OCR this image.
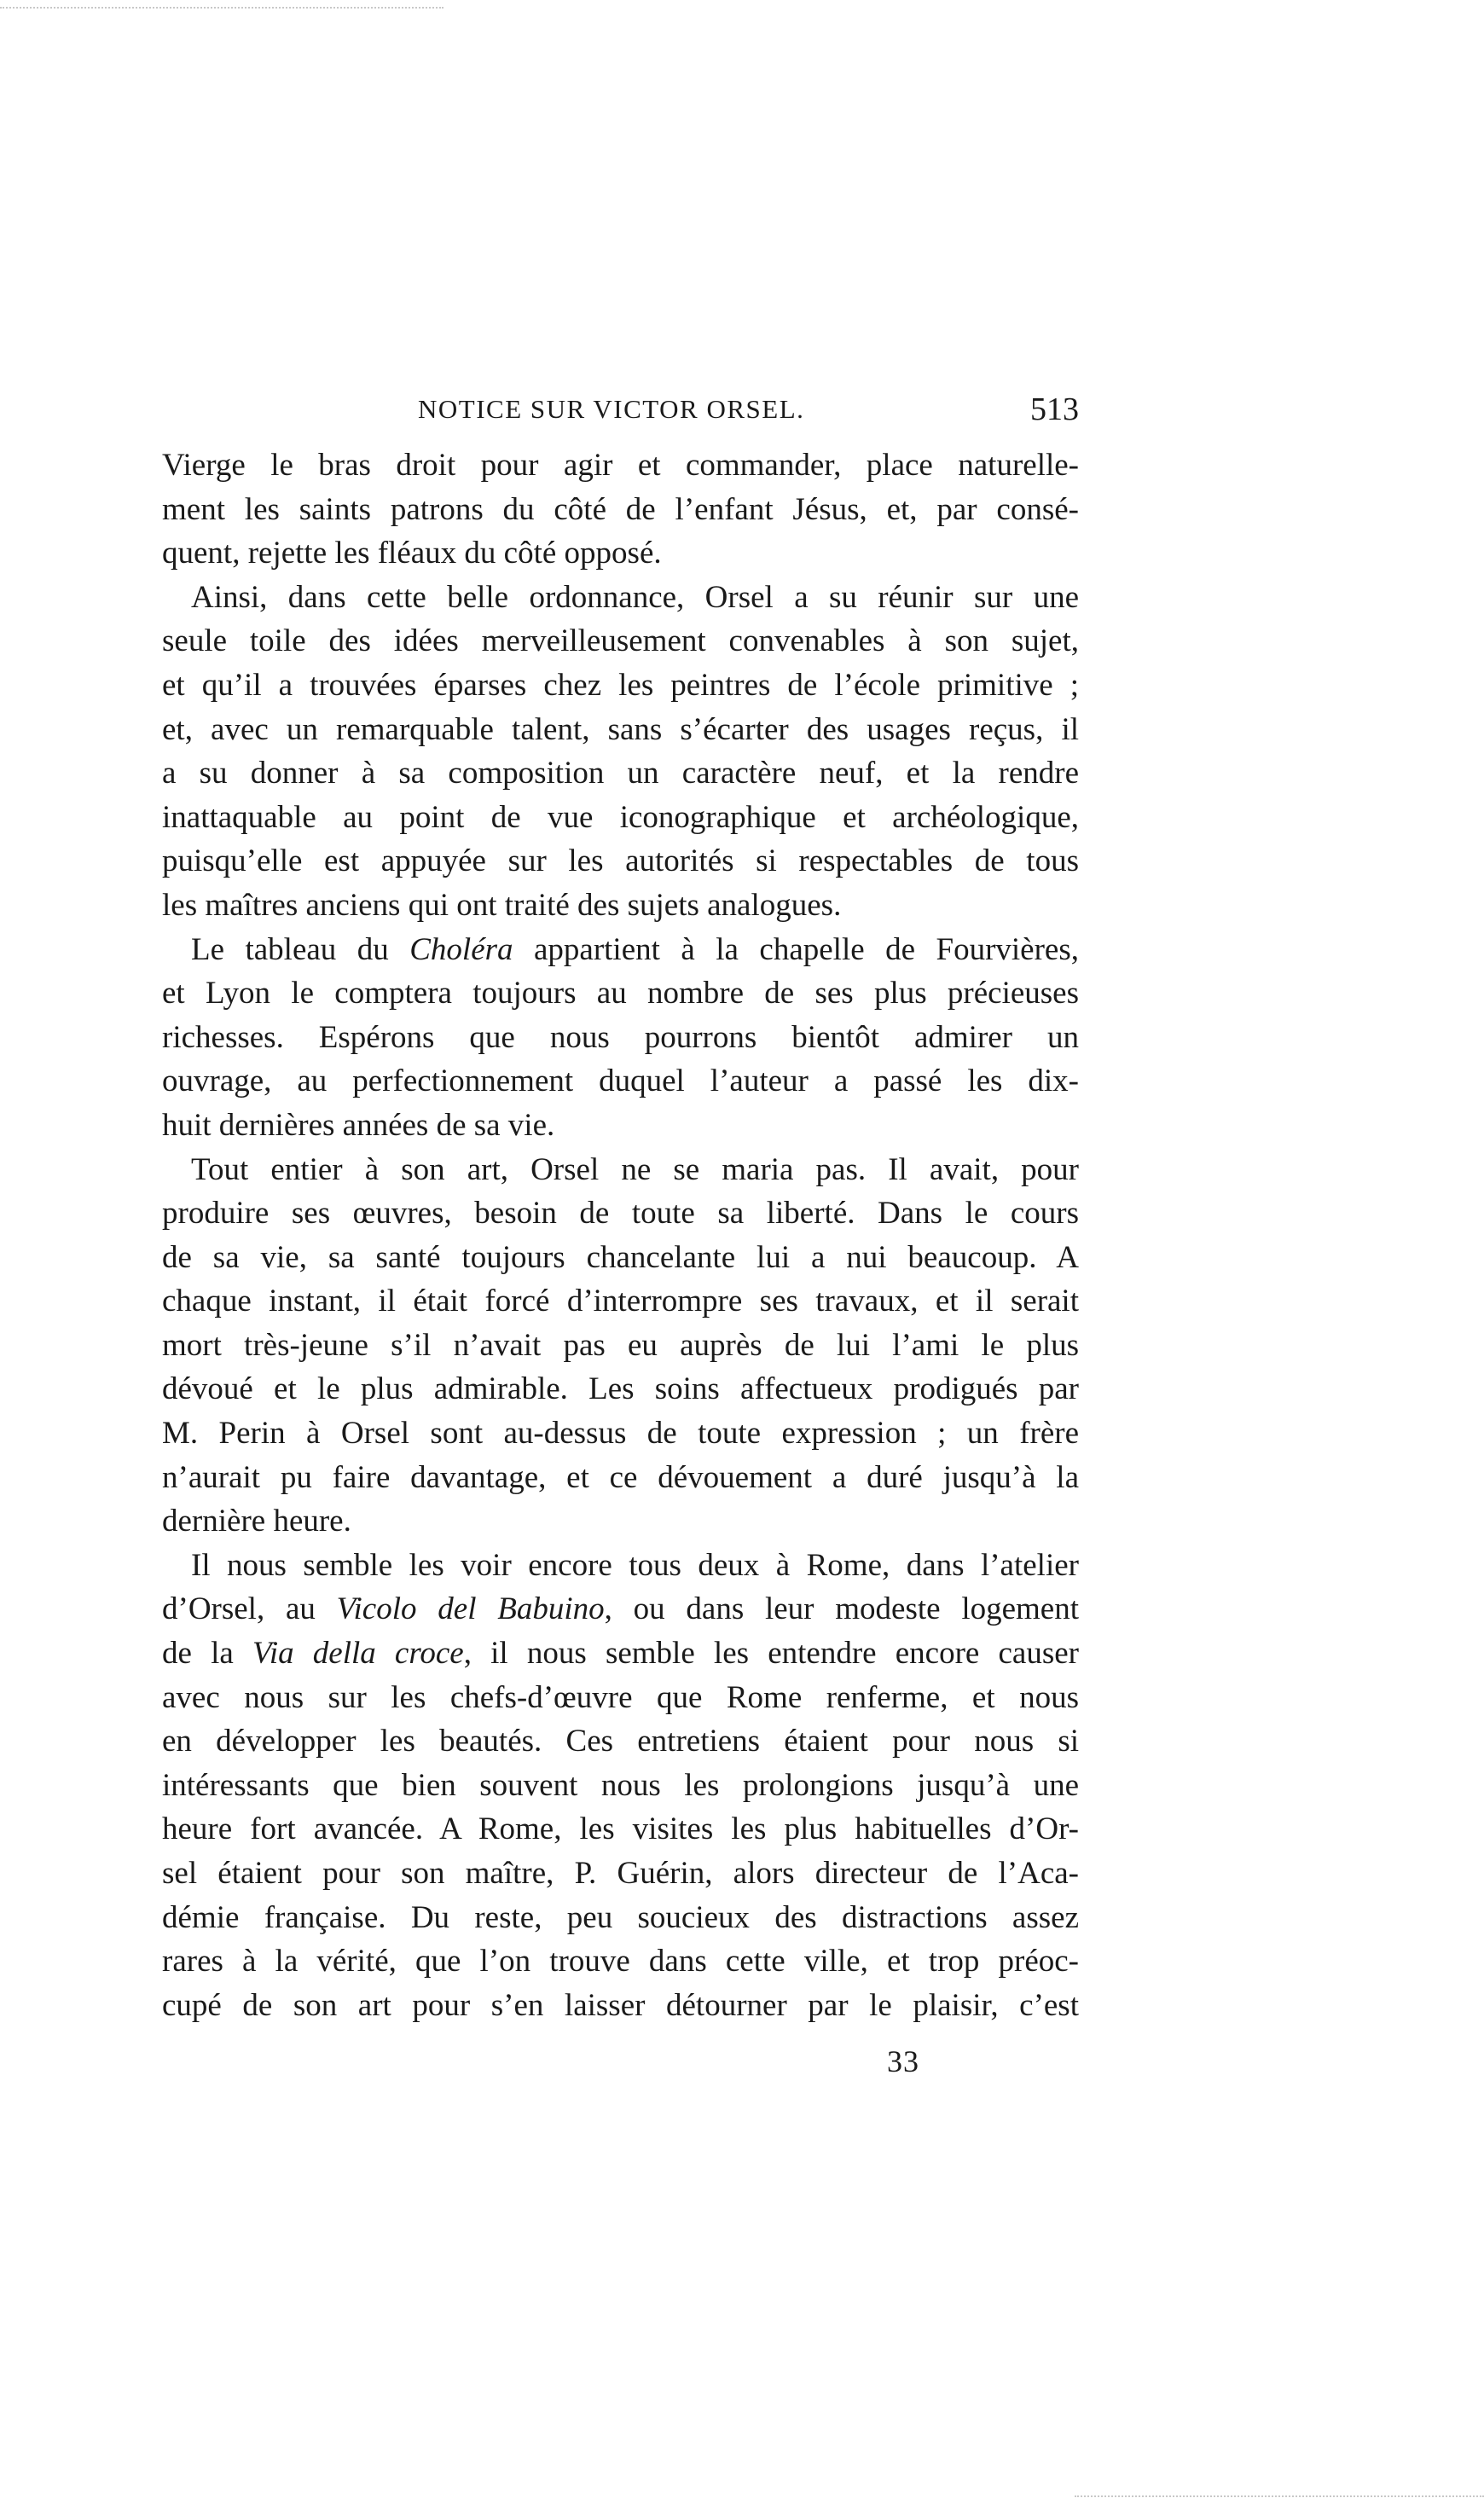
NOTICE SUR VICTOR ORSEL.	513
Vierge le bras droit pour agir et commander, place naturelle-
ment les saints patrons du côté de l’enfant Jésus, et, par consé-
quent, rejette les fléaux du côté opposé.
Ainsi, dans cette belle ordonnance, Orsel a su réunir sur une
seule toile des idées merveilleusement convenables à son sujet,
et qu’il a trouvées éparses chez les peintres de l’école primitive ;
et, avec un remarquable talent, sans s’écarter des usages reçus, il
a su donner à sa composition un caractère neuf, et la rendre
inattaquable au point de vue iconographique et archéologique,
puisqu’elle est appuyée sur les autorités si respectables de tous
les maîtres anciens qui ont traité des sujets analogues.
Le tableau du Choléra appartient à la chapelle de Fourvières,
et Lyon le comptera toujours au nombre de ses plus précieuses
richesses. Espérons que nous pourrons bientôt admirer un
ouvrage, au perfectionnement duquel l’auteur a passé les dix-
huit dernières années de sa vie.
Tout entier à son art, Orsel ne se maria pas. Il avait, pour
produire ses œuvres, besoin de toute sa liberté. Dans le cours
de sa vie, sa santé toujours chancelante lui a nui beaucoup. A
chaque instant, il était forcé d’interrompre ses travaux, et il serait
mort très-jeune s’il n’avait pas eu auprès de lui l’ami le plus
dévoué et le plus admirable. Les soins affectueux prodigués par
M. Perin à Orsel sont au-dessus de toute expression ; un frère
n’aurait pu faire davantage, et ce dévouement a duré jusqu’à la
dernière heure.
Il nous semble les voir encore tous deux à Rome, dans l’atelier
d’Orsel, au Vicolo del Babuino, ou dans leur modeste logement
de la Via della croce, il nous semble les entendre encore causer
avec nous sur les chefs-d’œuvre que Rome renferme, et nous
en développer les beautés. Ces entretiens étaient pour nous si
intéressants que bien souvent nous les prolongions jusqu’à une
heure fort avancée. A Rome, les visites les plus habituelles d’Or-
sel étaient pour son maître, P. Guérin, alors directeur de l’Aca-
démie française. Du reste, peu soucieux des distractions assez
rares à la vérité, que l’on trouve dans cette ville, et trop préoc-
cupé de son art pour s’en laisser détourner par le plaisir, c’est
33
